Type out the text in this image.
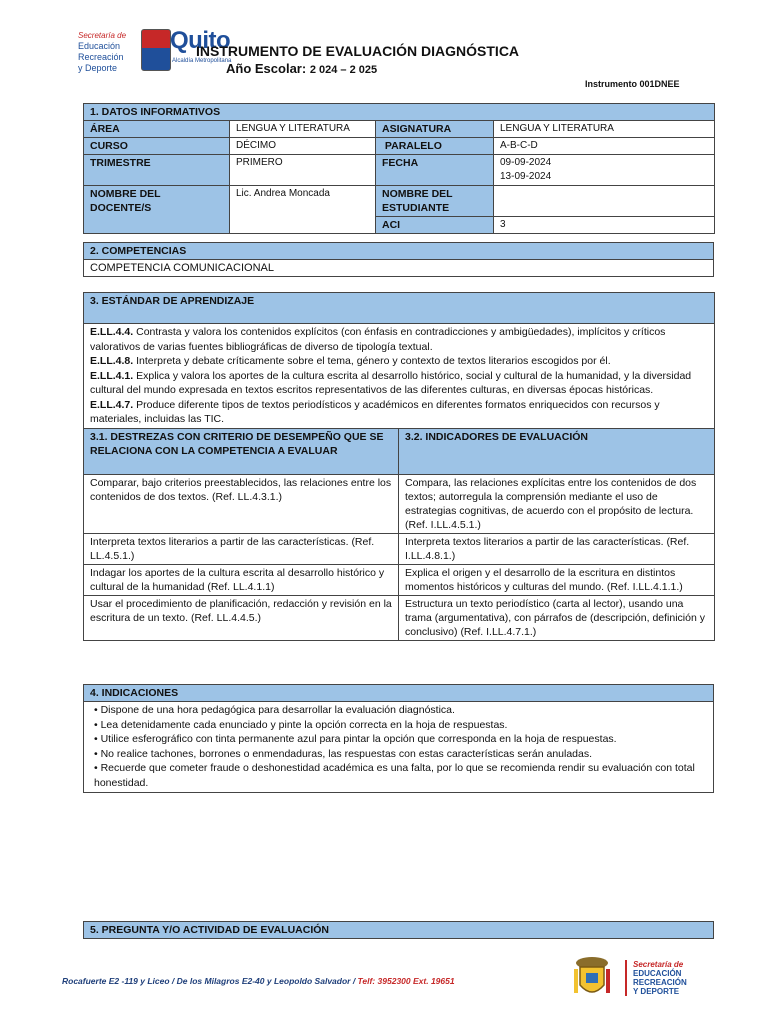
Secretaría de
Educación
Recreación
y Deporte
Quito
Alcaldía Metropolitana
INSTRUMENTO DE EVALUACIÓN DIAGNÓSTICA
Año Escolar: 2 024 – 2 025
Instrumento 001DNEE
1. DATOS INFORMATIVOS			
ÁREA	LENGUA Y LITERATURA	ASIGNATURA	LENGUA Y LITERATURA
CURSO	DÉCIMO	PARALELO	A-B-C-D
TRIMESTRE	PRIMERO	FECHA	09-09-2024
13-09-2024

NOMBRE DEL DOCENTE/S	Lic. Andrea Moncada	NOMBRE DEL ESTUDIANTE	
		ACI	3
2. COMPETENCIAS
COMPETENCIA COMUNICACIONAL
3. ESTÁNDAR DE APRENDIZAJE	

E.LL.4.4. Contrasta y valora los contenidos explícitos (con énfasis en contradicciones y ambigüedades), implícitos y críticos valorativos de varias fuentes bibliográficas de diverso de tipología textual.

E.LL.4.8. Interpreta y debate críticamente sobre el tema, género y contexto de textos literarios escogidos por él.

E.LL.4.1. Explica y valora los aportes de la cultura escrita al desarrollo histórico, social y cultural de la humanidad, y la diversidad cultural del mundo expresada en textos escritos representativos de las diferentes culturas, en diversas épocas históricas.

E.LL.4.7. Produce diferente tipos de textos periodísticos y académicos en diferentes formatos enriquecidos con recursos y materiales, incluidas las TIC.	

3.1. DESTREZAS CON CRITERIO DE DESEMPEÑO QUE SE RELACIONA CON LA COMPETENCIA A EVALUAR	3.2. INDICADORES DE EVALUACIÓN
Comparar, bajo criterios preestablecidos, las relaciones entre los contenidos de dos textos. (Ref. LL.4.3.1.)	Compara, las relaciones explícitas entre los contenidos de dos textos; autorregula la comprensión mediante el uso de estrategias cognitivas, de acuerdo con el propósito de lectura. (Ref. I.LL.4.5.1.)
Interpreta textos literarios a partir de las características. (Ref. LL.4.5.1.)	Interpreta textos literarios a partir de las características. (Ref. I.LL.4.8.1.)
Indagar los aportes de la cultura escrita al desarrollo histórico y cultural de la humanidad (Ref. LL.4.1.1)	Explica el origen y el desarrollo de la escritura en distintos momentos históricos y culturas del mundo. (Ref. I.LL.4.1.1.)
Usar el procedimiento de planificación, redacción y revisión en la escritura de un texto. (Ref. LL.4.4.5.)	Estructura un texto periodístico (carta al lector), usando una trama (argumentativa), con párrafos de (descripción, definición y conclusivo) (Ref. I.LL.4.7.1.)
4. INDICACIONES

• Dispone de una hora pedagógica para desarrollar la evaluación diagnóstica.
• Lea detenidamente cada enunciado y pinte la opción correcta en la hoja de respuestas.
• Utilice esferográfico con tinta permanente azul para pintar la opción que corresponda en la hoja de respuestas.
• No realice tachones, borrones o enmendaduras, las respuestas con estas características serán anuladas.
• Recuerde que cometer fraude o deshonestidad académica es una falta, por lo que se recomienda rendir su evaluación con total honestidad.
5. PREGUNTA Y/O ACTIVIDAD DE EVALUACIÓN
Rocafuerte E2 -119 y Liceo / De los Milagros E2-40 y Leopoldo Salvador / Telf: 3952300 Ext. 19651
Secretaría de
EDUCACIÓN
RECREACIÓN
Y DEPORTE
